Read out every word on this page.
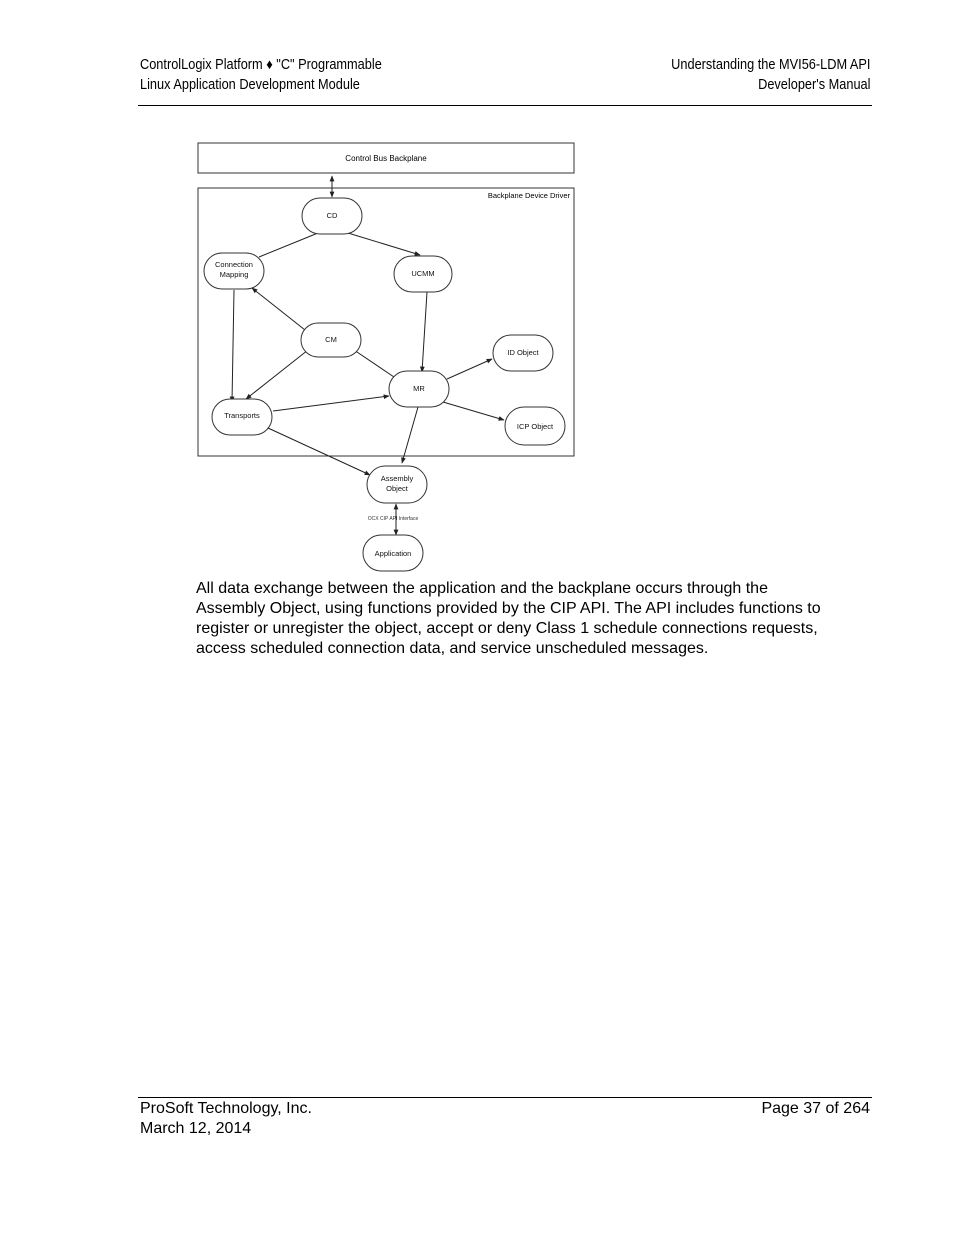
ControlLogix Platform ♦ "C" Programmable
Linux Application Development Module
Understanding the MVI56-LDM API
Developer's Manual
Control Bus Backplane
Backplane Device Driver
CD
Connection
Mapping	UCMM
CM
ID Object
MR
Transports
ICP Object
Assembly
Object
Application
OCX CIP API Interface
All data exchange between the application and the backplane occurs through the Assembly Object, using functions provided by the CIP API. The API includes functions to register or unregister the object, accept or deny Class 1 schedule connections requests, access scheduled connection data, and service unscheduled messages.
ProSoft Technology, Inc.
March 12, 2014
Page 37 of 264
